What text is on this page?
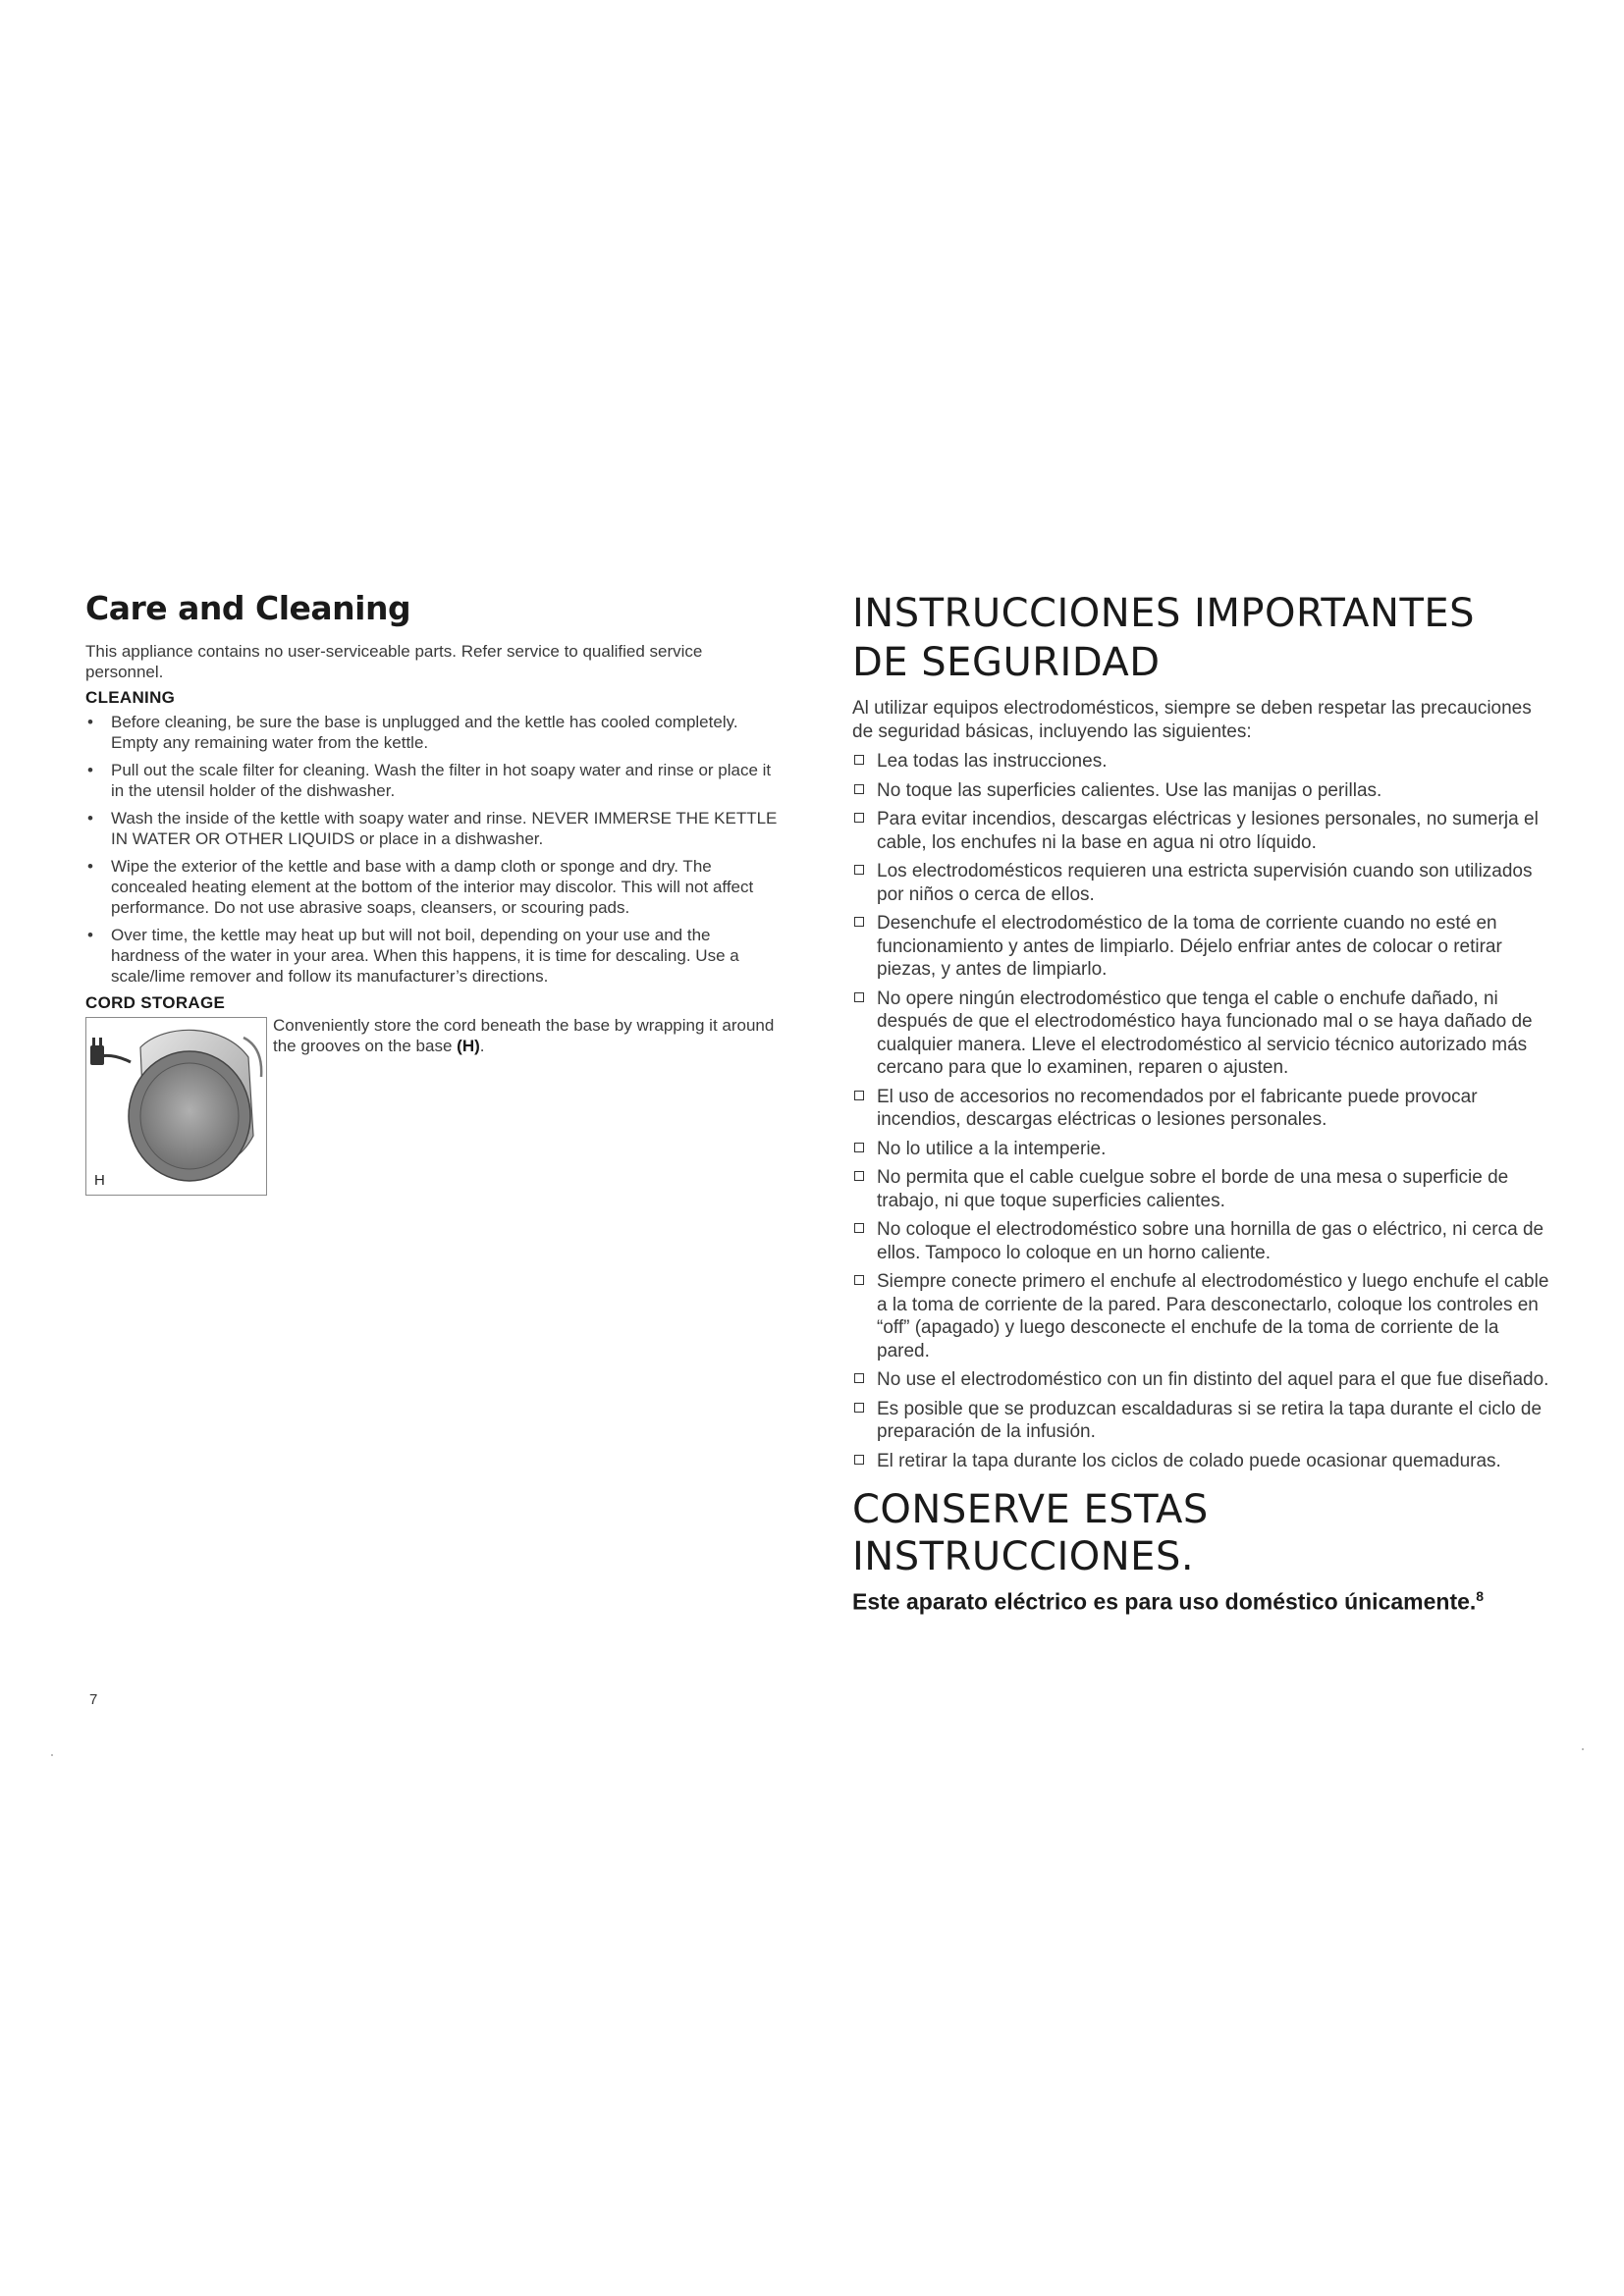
Care and Cleaning

This appliance contains no user-serviceable parts. Refer service to qualified service personnel.

CLEANING
• Before cleaning, be sure the base is unplugged and the kettle has cooled completely. Empty any remaining water from the kettle.
• Pull out the scale filter for cleaning. Wash the filter in hot soapy water and rinse or place it in the utensil holder of the dishwasher.
• Wash the inside of the kettle with soapy water and rinse. NEVER IMMERSE THE KETTLE IN WATER OR OTHER LIQUIDS or place in a dishwasher.
• Wipe the exterior of the kettle and base with a damp cloth or sponge and dry. The concealed heating element at the bottom of the interior may discolor. This will not affect performance. Do not use abrasive soaps, cleansers, or scouring pads.
• Over time, the kettle may heat up but will not boil, depending on your use and the hardness of the water in your area. When this happens, it is time for descaling. Use a scale/lime remover and follow its manufacturer’s directions.
CORD STORAGE
H
Conveniently store the cord beneath the base by wrapping it around the grooves on the base (H).
7
INSTRUCCIONES IMPORTANTES
DE SEGURIDAD

Al utilizar equipos electrodomésticos, siempre se deben respetar las precauciones de seguridad básicas, incluyendo las siguientes:

Lea todas las instrucciones.
No toque las superficies calientes. Use las manijas o perillas.
Para evitar incendios, descargas eléctricas y lesiones personales, no sumerja el cable, los enchufes ni la base en agua ni otro líquido.
Los electrodomésticos requieren una estricta supervisión cuando son utilizados por niños o cerca de ellos.
Desenchufe el electrodoméstico de la toma de corriente cuando no esté en funcionamiento y antes de limpiarlo. Déjelo enfriar antes de colocar o retirar piezas, y antes de limpiarlo.
No opere ningún electrodoméstico que tenga el cable o enchufe dañado, ni después de que el electrodoméstico haya funcionado mal o se haya dañado de cualquier manera. Lleve el electrodoméstico al servicio técnico autorizado más cercano para que lo examinen, reparen o ajusten.
El uso de accesorios no recomendados por el fabricante puede provocar incendios, descargas eléctricas o lesiones personales.
No lo utilice a la intemperie.
No permita que el cable cuelgue sobre el borde de una mesa o superficie de trabajo, ni que toque superficies calientes.
No coloque el electrodoméstico sobre una hornilla de gas o eléctrico, ni cerca de ellos. Tampoco lo coloque en un horno caliente.
Siempre conecte primero el enchufe al electrodoméstico y luego enchufe el cable a la toma de corriente de la pared. Para desconectarlo, coloque los controles en “off” (apagado) y luego desconecte el enchufe de la toma de corriente de la pared.
No use el electrodoméstico con un fin distinto del aquel para el que fue diseñado.
Es posible que se produzcan escaldaduras si se retira la tapa durante el ciclo de preparación de la infusión.
El retirar la tapa durante los ciclos de colado puede ocasionar quemaduras.
CONSERVE ESTAS
INSTRUCCIONES.

Este aparato eléctrico es para uso doméstico únicamente.$^8$
